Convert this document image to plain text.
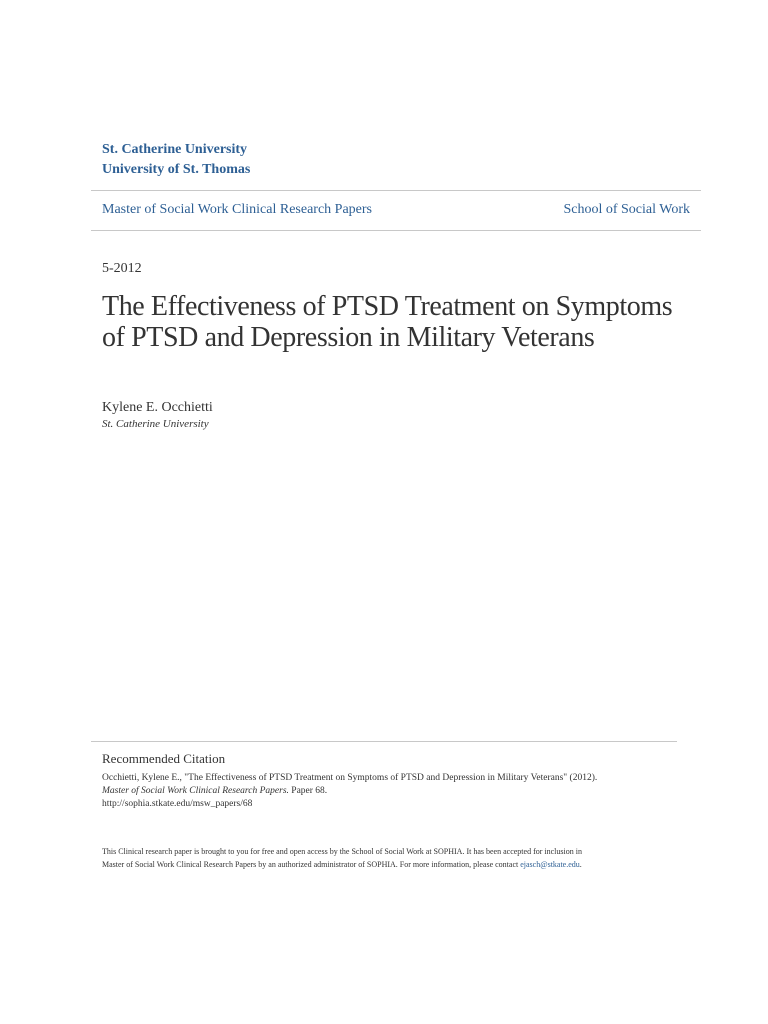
St. Catherine University
University of St. Thomas
Master of Social Work Clinical Research Papers	School of Social Work
5-2012
The Effectiveness of PTSD Treatment on Symptoms of PTSD and Depression in Military Veterans
Kylene E. Occhietti
St. Catherine University
Recommended Citation
Occhietti, Kylene E., "The Effectiveness of PTSD Treatment on Symptoms of PTSD and Depression in Military Veterans" (2012).
Master of Social Work Clinical Research Papers. Paper 68.
http://sophia.stkate.edu/msw_papers/68
This Clinical research paper is brought to you for free and open access by the School of Social Work at SOPHIA. It has been accepted for inclusion in
Master of Social Work Clinical Research Papers by an authorized administrator of SOPHIA. For more information, please contact ejasch@stkate.edu.
